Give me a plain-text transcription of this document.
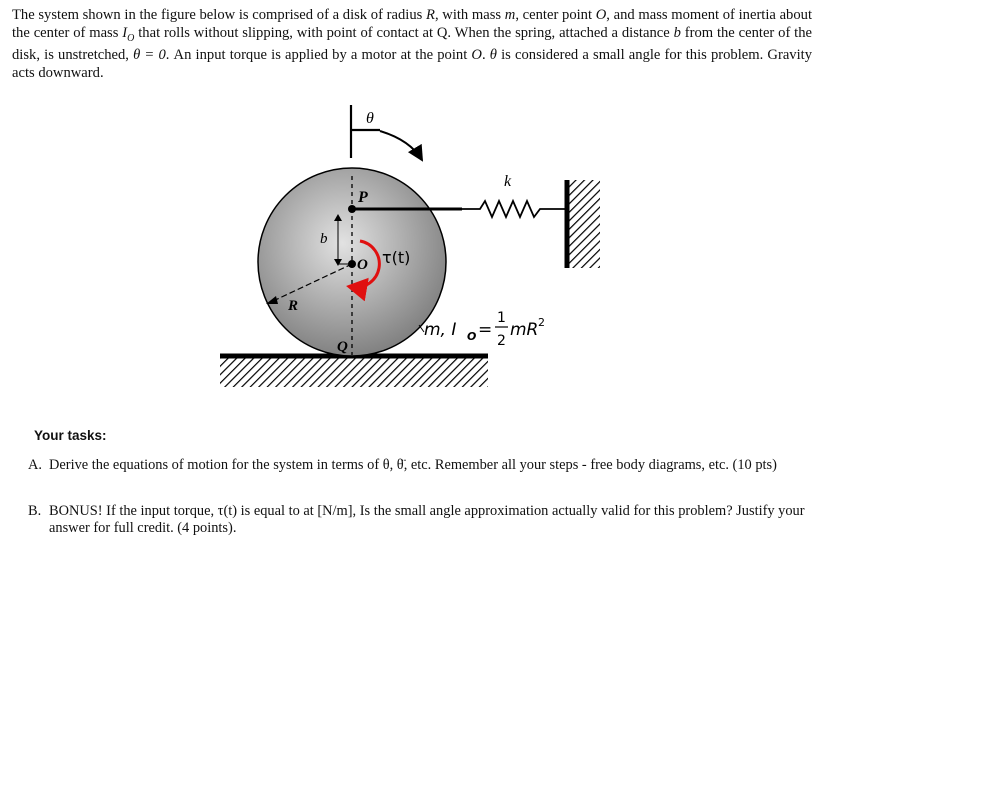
The system shown in the figure below is comprised of a disk of radius R, with mass m, center point O, and mass moment of inertia about the center of mass $I_O$ that rolls without slipping, with point of contact at Q. When the spring, attached a distance b from the center of the disk, is unstretched, θ = 0. An input torque is applied by a motor at the point O. θ is considered a small angle for this problem. Gravity acts downward.
θ
k
P
b
O τ(t)
R
Q
m, I O =
1
2
mR 2
Your tasks:
A. Derive the equations of motion for the system in terms of θ, θ̈, etc. Remember all your steps - free body diagrams, etc. (10 pts)
B. BONUS! If the input torque, τ(t) is equal to at [N/m], Is the small angle approximation actually valid for this problem? Justify your answer for full credit. (4 points).
